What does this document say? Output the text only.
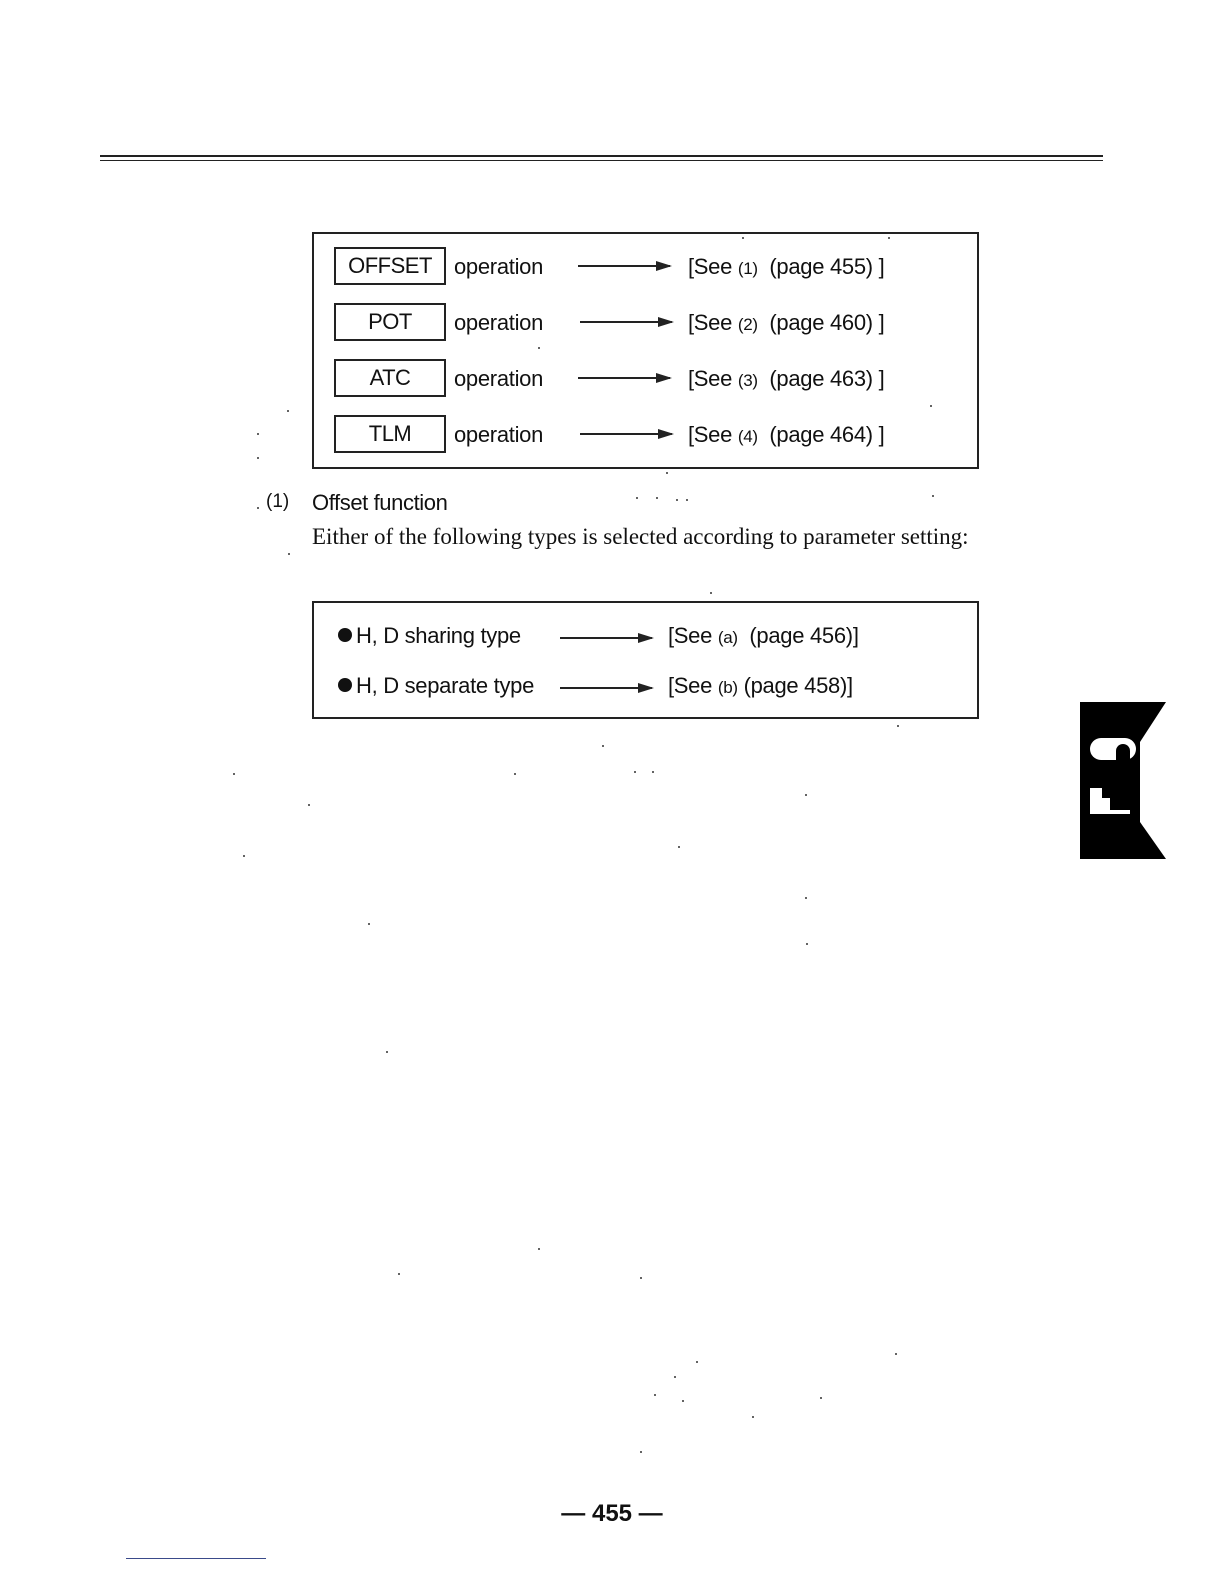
OFFSET	operation	[See (1) (page 455) ]
POT	operation	[See (2) (page 460) ]
ATC	operation	[See (3) (page 463) ]
TLM	operation	[See (4) (page 464) ]
(1) Offset function
Either of the following types is selected according to parameter setting:
H, D sharing type	[See (a) (page 456)]
H, D separate type	[See (b) (page 458)]
— 455 —
